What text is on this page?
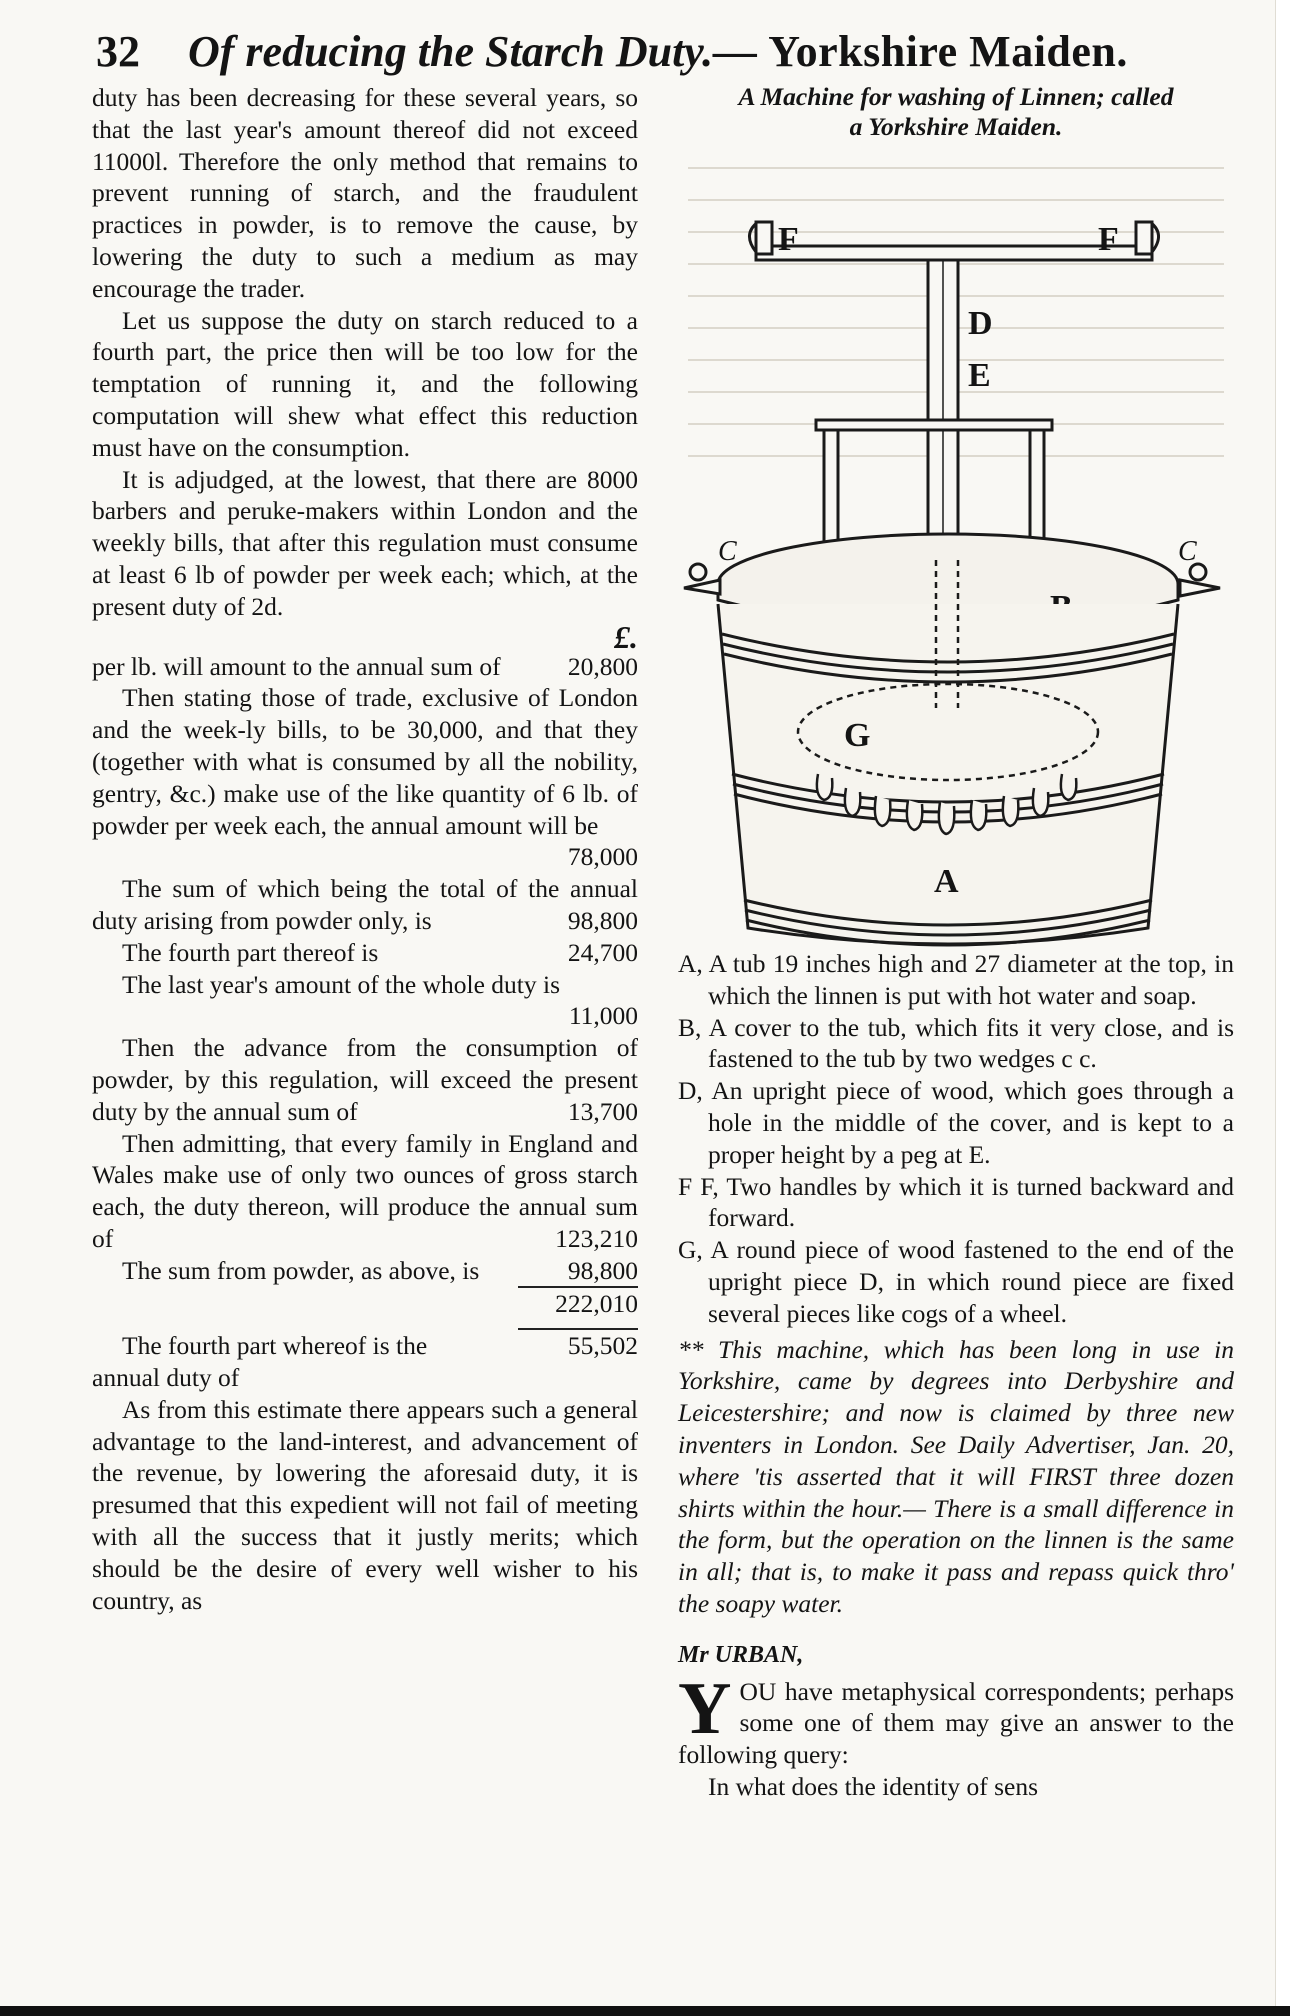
32 Of reducing the Starch Duty.— Yorkshire Maiden.

duty has been decreasing for these several years, so that the last year's amount thereof did not exceed 11000l. Therefore the only method that remains to prevent running of starch, and the fraudulent practices in powder, is to remove the cause, by lowering the duty to such a medium as may encourage the trader.

Let us suppose the duty on starch reduced to a fourth part, the price then will be too low for the temptation of running it, and the following computation will shew what effect this reduction must have on the consumption.

It is adjudged, at the lowest, that there are 8000 barbers and peruke-makers within London and the weekly bills, that after this regulation must consume at least 6 lb of powder per week each; which, at the present duty of 2d.

£.
per lb. will amount to the annual sum of	20,800

Then stating those of trade, exclusive of London and the week-ly bills, to be 30,000, and that they (together with what is consumed by all the nobility, gentry, &c.) make use of the like quantity of 6 lb. of powder per week each, the annual amount will be
78,000

The sum of which being the total of the annual duty arising from powder only, is	98,800

The fourth part thereof is	24,700

The last year's amount of the whole duty is
11,000

Then the advance from the consumption of powder, by this regulation, will exceed the present duty by the annual sum of	13,700

Then admitting, that every family in England and Wales make use of only two ounces of gross starch each, the duty thereon, will produce the annual sum of	123,210

The sum from powder, as above, is	98,800
222,010
The fourth part whereof is the annual duty of
55,502

As from this estimate there appears such a general advantage to the land-interest, and advancement of the revenue, by lowering the aforesaid duty, it is presumed that this expedient will not fail of meeting with all the success that it justly merits; which should be the desire of every well wisher to his country, as

A Machine for washing of Linnen; called
a Yorkshire Maiden.
F	F
D
E
C	C
G
A

A, A tub 19 inches high and 27 diameter at the top, in which the linnen is put with hot water and soap.

B, A cover to the tub, which fits it very close, and is fastened to the tub by two wedges c c.

D, An upright piece of wood, which goes through a hole in the middle of the cover, and is kept to a proper height by a peg at E.

F F, Two handles by which it is turned backward and forward.

G, A round piece of wood fastened to the end of the upright piece D, in which round piece are fixed several pieces like cogs of a wheel.

** This machine, which has been long in use in Yorkshire, came by degrees into Derbyshire and Leicestershire; and now is claimed by three new inventers in London. See Daily Advertiser, Jan. 20, where 'tis asserted that it will FIRST three dozen shirts within the hour.— There is a small difference in the form, but the operation on the linnen is the same in all; that is, to make it pass and repass quick thro' the soapy water.

Mr URBAN,

YOU have metaphysical correspondents; perhaps some one of them may give an answer to the following query:

In what does the identity of sens
